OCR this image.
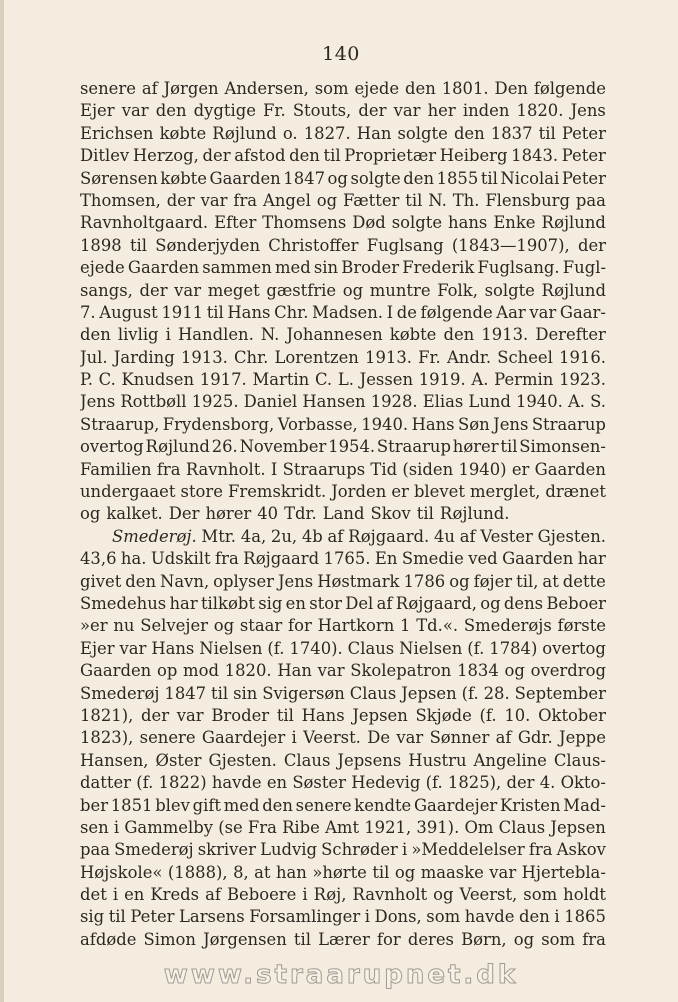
140
senere af Jørgen Andersen, som ejede den 1801. Den følgende
Ejer var den dygtige Fr. Stouts, der var her inden 1820. Jens
Erichsen købte Røjlund o. 1827. Han solgte den 1837 til Peter
Ditlev Herzog, der afstod den til Proprietær Heiberg 1843. Peter
Sørensen købte Gaarden 1847 og solgte den 1855 til Nicolai Peter
Thomsen, der var fra Angel og Fætter til N. Th. Flensburg paa
Ravnholtgaard. Efter Thomsens Død solgte hans Enke Røjlund
1898 til Sønderjyden Christoffer Fuglsang (1843—1907), der
ejede Gaarden sammen med sin Broder Frederik Fuglsang. Fugl-
sangs, der var meget gæstfrie og muntre Folk, solgte Røjlund
7. August 1911 til Hans Chr. Madsen. I de følgende Aar var Gaar-
den livlig i Handlen. N. Johannesen købte den 1913. Derefter
Jul. Jarding 1913. Chr. Lorentzen 1913. Fr. Andr. Scheel 1916.
P. C. Knudsen 1917. Martin C. L. Jessen 1919. A. Permin 1923.
Jens Rottbøll 1925. Daniel Hansen 1928. Elias Lund 1940. A. S.
Straarup, Frydensborg, Vorbasse, 1940. Hans Søn Jens Straarup
overtog Røjlund 26. November 1954. Straarup hører til Simonsen-
Familien fra Ravnholt. I Straarups Tid (siden 1940) er Gaarden
undergaaet store Fremskridt. Jorden er blevet merglet, drænet
og kalket. Der hører 40 Tdr. Land Skov til Røjlund.
Smederøj. Mtr. 4a, 2u, 4b af Røjgaard. 4u af Vester Gjesten.
43,6 ha. Udskilt fra Røjgaard 1765. En Smedie ved Gaarden har
givet den Navn, oplyser Jens Høstmark 1786 og føjer til, at dette
Smedehus har tilkøbt sig en stor Del af Røjgaard, og dens Beboer
»er nu Selvejer og staar for Hartkorn 1 Td.«. Smederøjs første
Ejer var Hans Nielsen (f. 1740). Claus Nielsen (f. 1784) overtog
Gaarden op mod 1820. Han var Skolepatron 1834 og overdrog
Smederøj 1847 til sin Svigersøn Claus Jepsen (f. 28. September
1821), der var Broder til Hans Jepsen Skjøde (f. 10. Oktober
1823), senere Gaardejer i Veerst. De var Sønner af Gdr. Jeppe
Hansen, Øster Gjesten. Claus Jepsens Hustru Angeline Claus-
datter (f. 1822) havde en Søster Hedevig (f. 1825), der 4. Okto-
ber 1851 blev gift med den senere kendte Gaardejer Kristen Mad-
sen i Gammelby (se Fra Ribe Amt 1921, 391). Om Claus Jepsen
paa Smederøj skriver Ludvig Schrøder i »Meddelelser fra Askov
Højskole« (1888), 8, at han »hørte til og maaske var Hjertebla-
det i en Kreds af Beboere i Røj, Ravnholt og Veerst, som holdt
sig til Peter Larsens Forsamlinger i Dons, som havde den i 1865
afdøde Simon Jørgensen til Lærer for deres Børn, og som fra
www.straarupnet.dk
